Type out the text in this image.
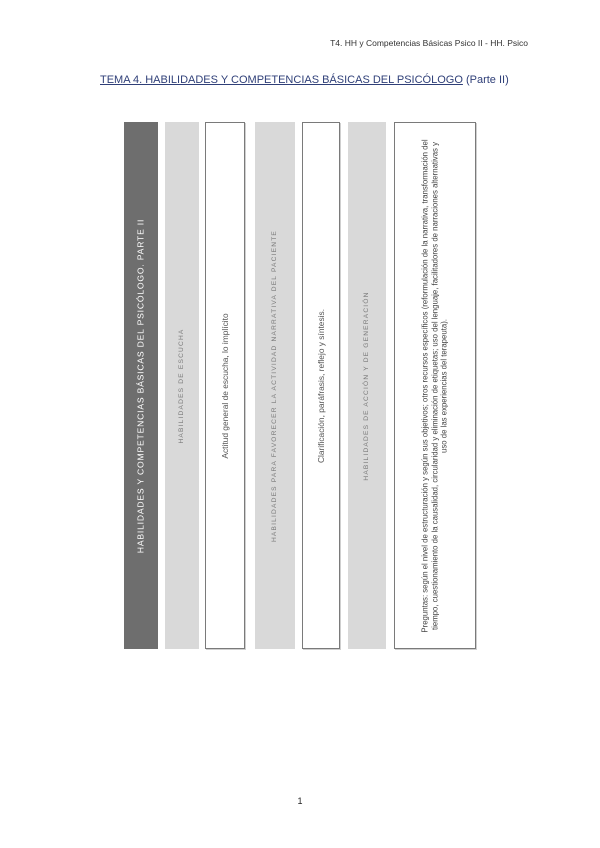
T4. HH y Competencias Básicas Psico II - HH. Psico
TEMA 4. HABILIDADES Y COMPETENCIAS BÁSICAS DEL PSICÓLOGO (Parte II)
HABILIDADES Y COMPETENCIAS BÁSICAS DEL PSICÓLOGO. PARTE II	HABILIDADES DE ESCUCHA	Actitud general de escucha, lo implícito	HABILIDADES PARA FAVORECER LA ACTIVIDAD NARRATIVA DEL PACIENTE	Clarificación, paráfrasis, reflejo y síntesis.	HABILIDADES DE ACCIÓN Y DE GENERACIÓN	Preguntas: según el nivel de estructuración y según sus objetivos; otros recursos específicos (reformulación de la narrativa, transformación del tiempo, cuestionamiento de la causalidad, circularidad y eliminación de etiquetas; uso del lenguaje, facilitadores de narraciones alternativas y uso de las experiencias del terapeuta).
1
